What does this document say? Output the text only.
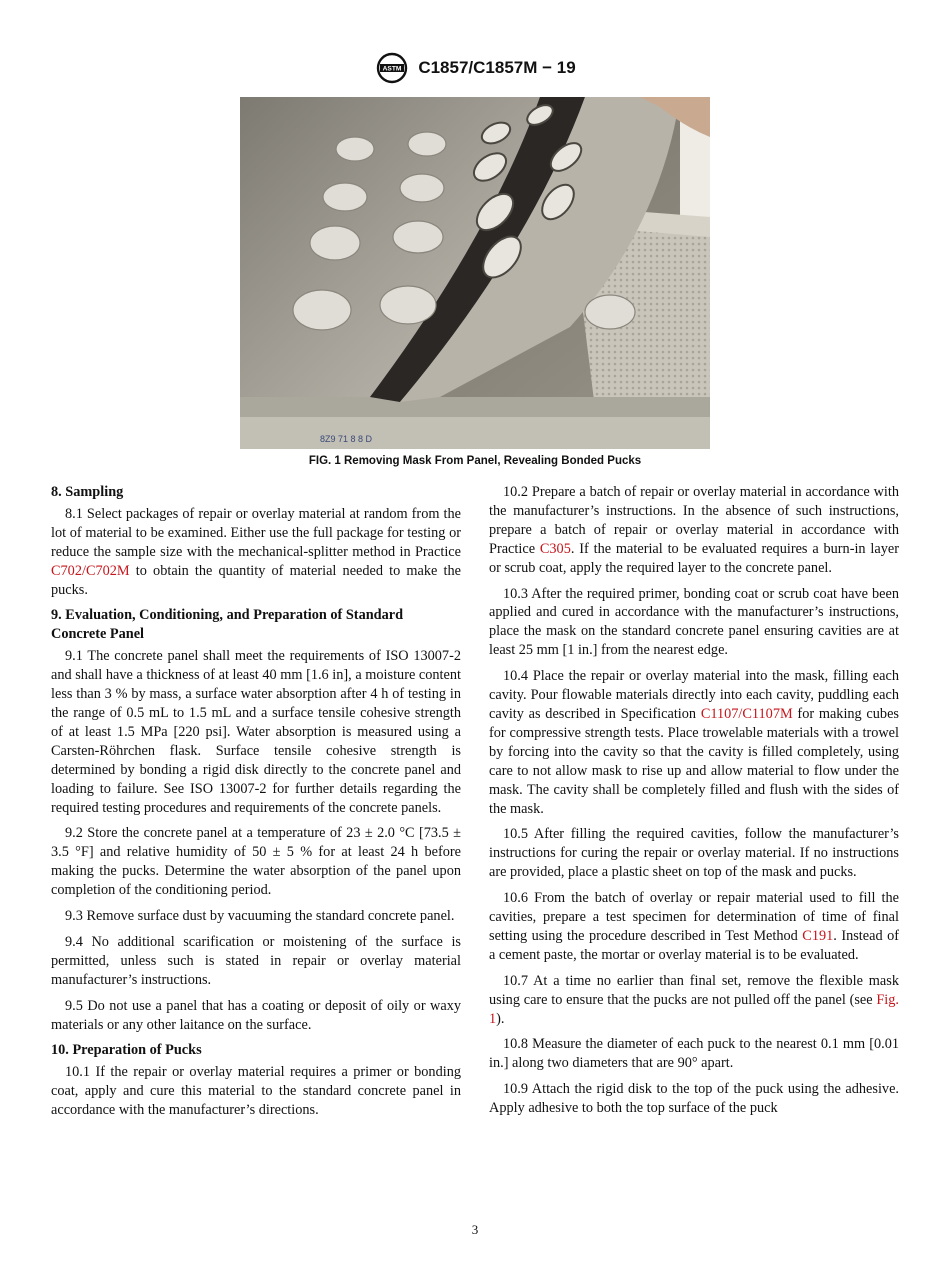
ASTM C1857/C1857M − 19
8Z9 71 8 8 D
FIG. 1 Removing Mask From Panel, Revealing Bonded Pucks
8. Sampling

8.1 Select packages of repair or overlay material at random from the lot of material to be examined. Either use the full package for testing or reduce the sample size with the mechanical-splitter method in Practice C702/C702M to obtain the quantity of material needed to make the pucks.

9. Evaluation, Conditioning, and Preparation of Standard Concrete Panel

9.1 The concrete panel shall meet the requirements of ISO 13007-2 and shall have a thickness of at least 40 mm [1.6 in], a moisture content less than 3 % by mass, a surface water absorption after 4 h of testing in the range of 0.5 mL to 1.5 mL and a surface tensile cohesive strength of at least 1.5 MPa [220 psi]. Water absorption is measured using a Carsten-Röhrchen flask. Surface tensile cohesive strength is determined by bonding a rigid disk directly to the concrete panel and loading to failure. See ISO 13007-2 for further details regarding the required testing procedures and requirements of the concrete panels.

9.2 Store the concrete panel at a temperature of 23 ± 2.0 °C [73.5 ± 3.5 °F] and relative humidity of 50 ± 5 % for at least 24 h before making the pucks. Determine the water absorption of the panel upon completion of the conditioning period.

9.3 Remove surface dust by vacuuming the standard concrete panel.

9.4 No additional scarification or moistening of the surface is permitted, unless such is stated in repair or overlay material manufacturer’s instructions.

9.5 Do not use a panel that has a coating or deposit of oily or waxy materials or any other laitance on the surface.

10. Preparation of Pucks

10.1 If the repair or overlay material requires a primer or bonding coat, apply and cure this material to the standard concrete panel in accordance with the manufacturer’s directions.

10.2 Prepare a batch of repair or overlay material in accordance with the manufacturer’s instructions. In the absence of such instructions, prepare a batch of repair or overlay material in accordance with Practice C305. If the material to be evaluated requires a burn-in layer or scrub coat, apply the required layer to the concrete panel.

10.3 After the required primer, bonding coat or scrub coat have been applied and cured in accordance with the manufacturer’s instructions, place the mask on the standard concrete panel ensuring cavities are at least 25 mm [1 in.] from the nearest edge.

10.4 Place the repair or overlay material into the mask, filling each cavity. Pour flowable materials directly into each cavity, puddling each cavity as described in Specification C1107/C1107M for making cubes for compressive strength tests. Place trowelable materials with a trowel by forcing into the cavity so that the cavity is filled completely, using care to not allow mask to rise up and allow material to flow under the mask. The cavity shall be completely filled and flush with the sides of the mask.

10.5 After filling the required cavities, follow the manufacturer’s instructions for curing the repair or overlay material. If no instructions are provided, place a plastic sheet on top of the mask and pucks.

10.6 From the batch of overlay or repair material used to fill the cavities, prepare a test specimen for determination of time of final setting using the procedure described in Test Method C191. Instead of a cement paste, the mortar or overlay material is to be evaluated.

10.7 At a time no earlier than final set, remove the flexible mask using care to ensure that the pucks are not pulled off the panel (see Fig. 1).

10.8 Measure the diameter of each puck to the nearest 0.1 mm [0.01 in.] along two diameters that are 90° apart.

10.9 Attach the rigid disk to the top of the puck using the adhesive. Apply adhesive to both the top surface of the puck

3
